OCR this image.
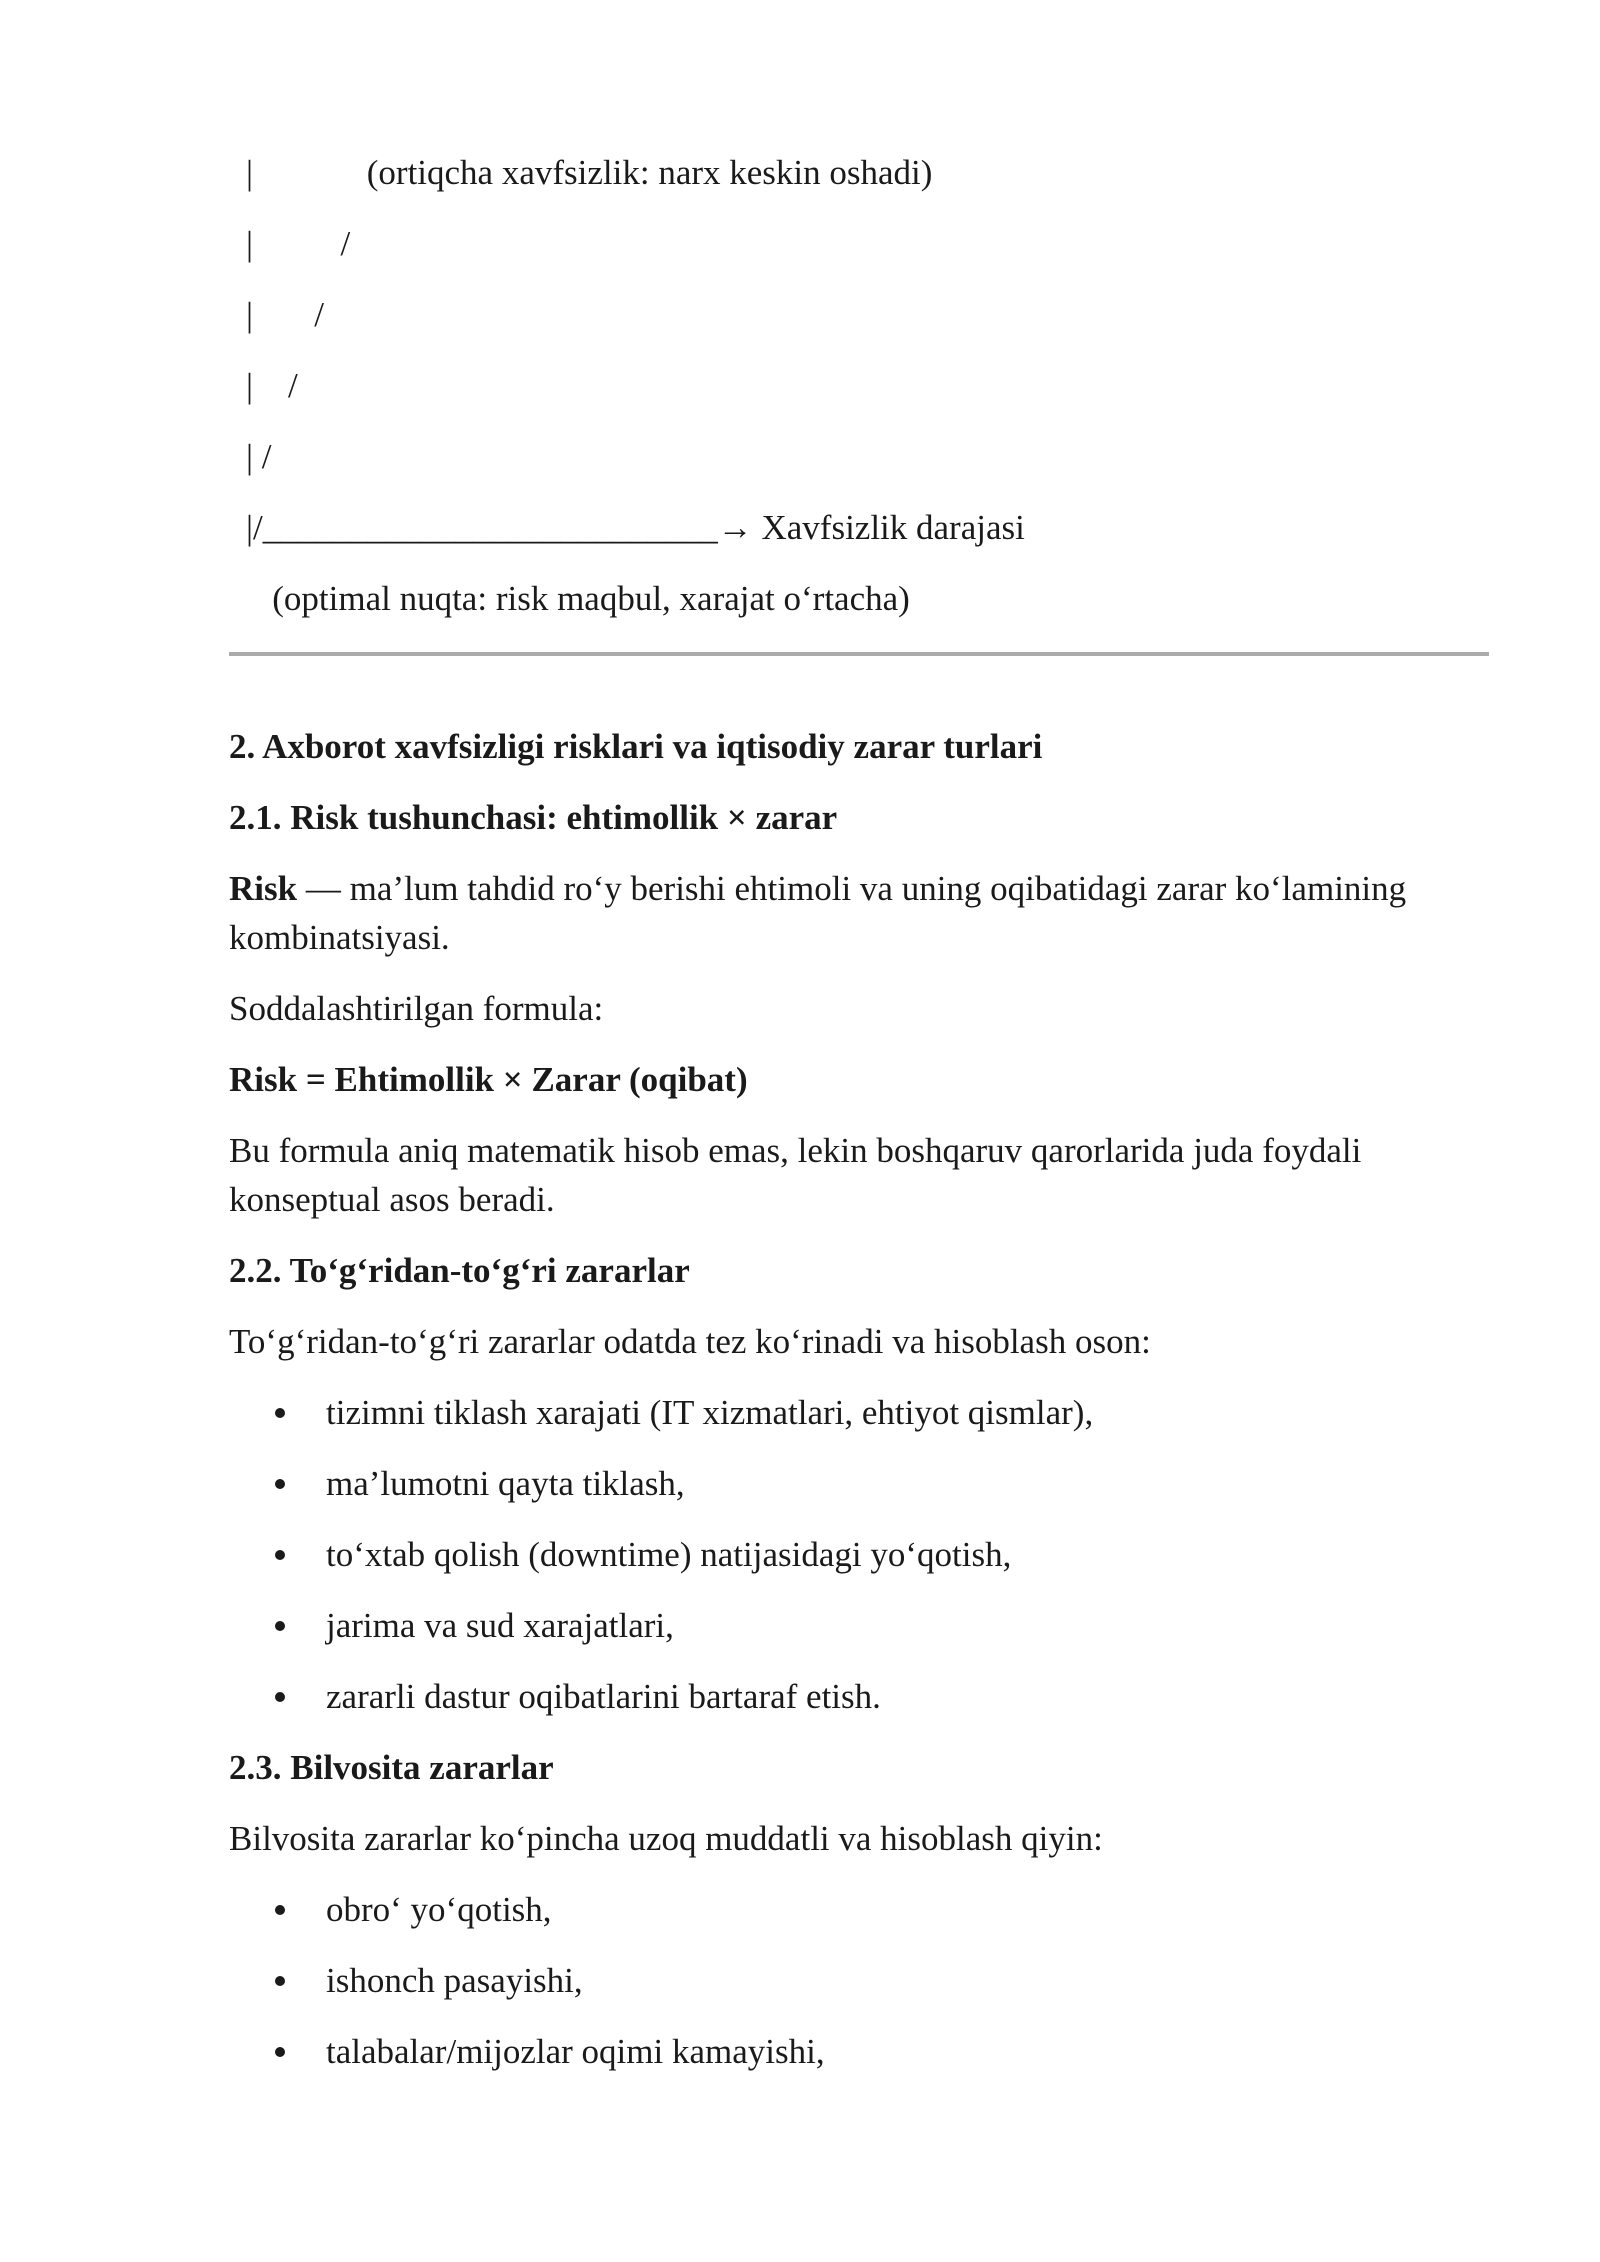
|             (ortiqcha xavfsizlik: narx keskin oshadi)

|          /

|       /

|    /

| /

|/__________________________→ Xavfsizlik darajasi

(optimal nuqta: risk maqbul, xarajat o‘rtacha)

2. Axborot xavfsizligi risklari va iqtisodiy zarar turlari

2.1. Risk tushunchasi: ehtimollik × zarar

Risk — ma’lum tahdid ro‘y berishi ehtimoli va uning oqibatidagi zarar ko‘lamining kombinatsiyasi.

Soddalashtirilgan formula:

Risk = Ehtimollik × Zarar (oqibat)

Bu formula aniq matematik hisob emas, lekin boshqaruv qarorlarida juda foydali konseptual asos beradi.

2.2. To‘g‘ridan-to‘g‘ri zararlar

To‘g‘ridan-to‘g‘ri zararlar odatda tez ko‘rinadi va hisoblash oson:

tizimni tiklash xarajati (IT xizmatlari, ehtiyot qismlar),
ma’lumotni qayta tiklash,
to‘xtab qolish (downtime) natijasidagi yo‘qotish,
jarima va sud xarajatlari,
zararli dastur oqibatlarini bartaraf etish.

2.3. Bilvosita zararlar

Bilvosita zararlar ko‘pincha uzoq muddatli va hisoblash qiyin:

obro‘ yo‘qotish,
ishonch pasayishi,
talabalar/mijozlar oqimi kamayishi,
